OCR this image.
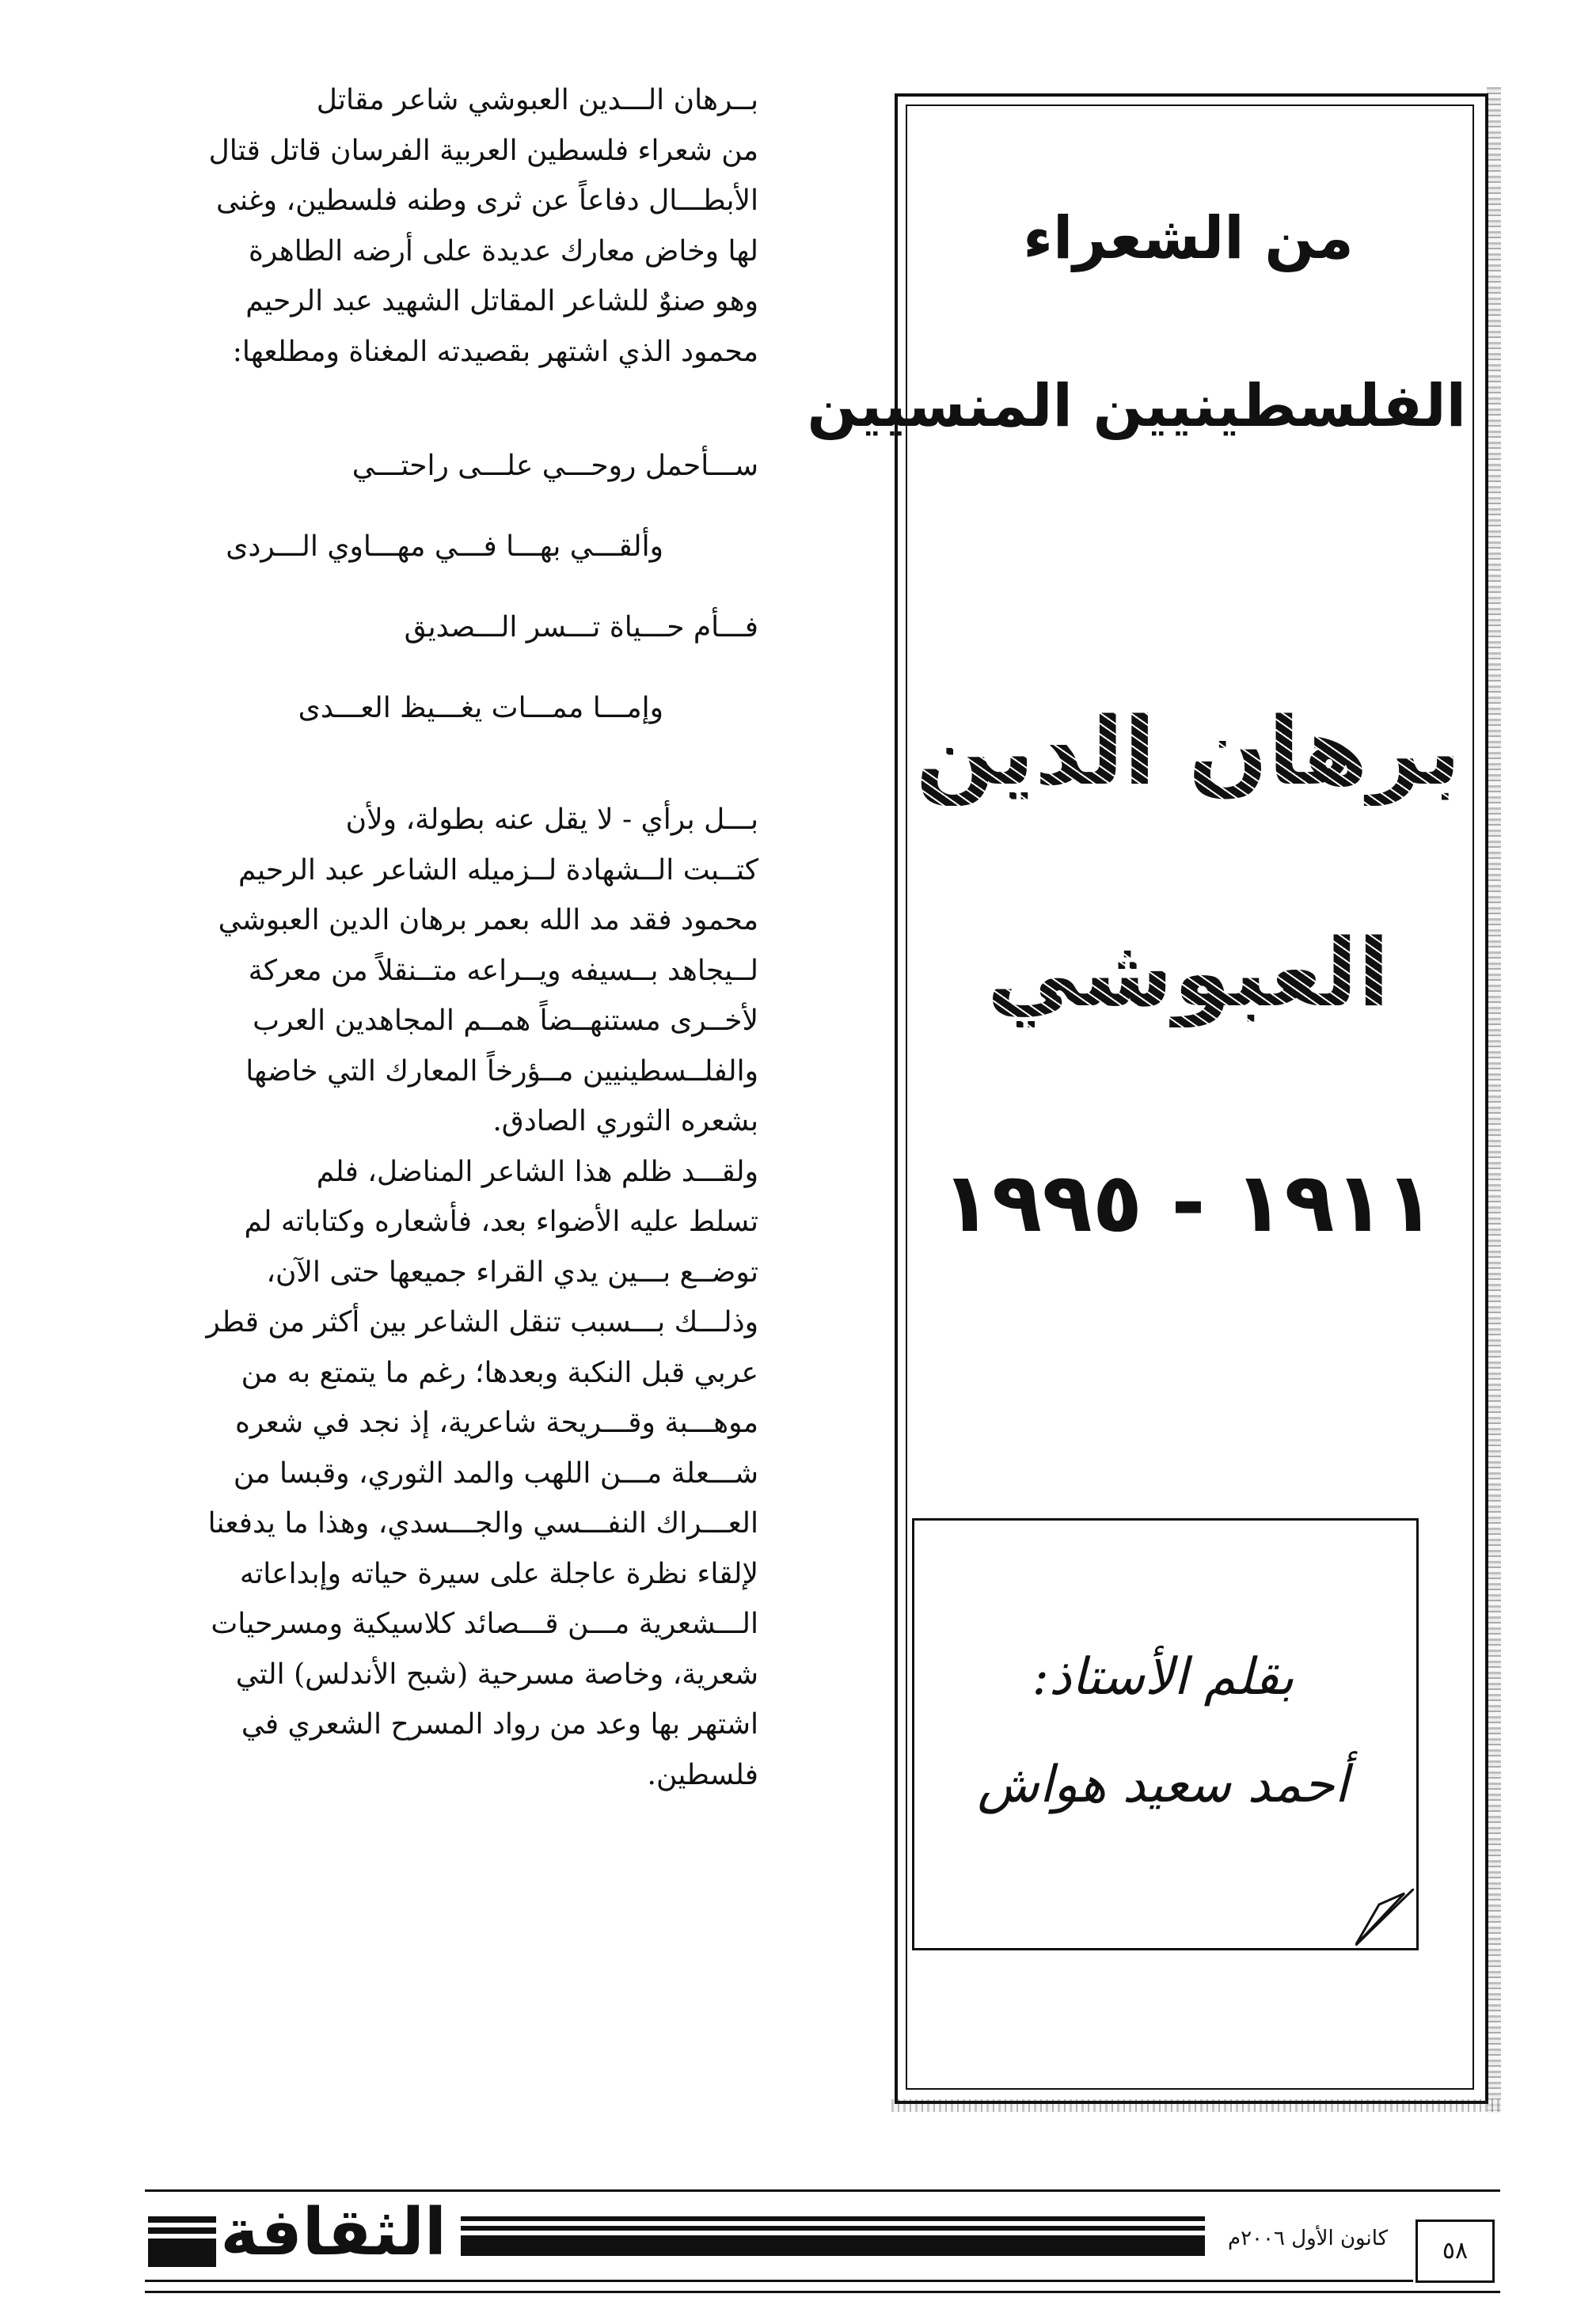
بــرهان الـــدين العبوشي شاعر مقاتل
من شعراء فلسطين العربية الفرسان قاتل قتال
الأبطـــال دفاعاً عن ثرى وطنه فلسطين، وغنى
لها وخاض معارك عديدة على أرضه الطاهرة
وهو صنوٌ للشاعر المقاتل الشهيد عبد الرحيم
محمود الذي اشتهر بقصيدته المغناة ومطلعها:

ســـأحمل روحـــي علـــى راحتـــي
وألقـــي بهـــا فـــي مهـــاوي الـــردى
فـــأم حـــياة تـــسر الـــصديق
وإمـــا ممـــات يغـــيظ العـــدى

بـــل برأي - لا يقل عنه بطولة، ولأن
كتــبت الــشهادة لــزميله الشاعر عبد الرحيم
محمود فقد مد الله بعمر برهان الدين العبوشي
لــيجاهد بــسيفه ويــراعه متــنقلاً من معركة
لأخــرى مستنهــضاً همــم المجاهدين العرب
والفلــسطينيين مــؤرخاً المعارك التي خاضها
بشعره الثوري الصادق.

ولقـــد ظلم هذا الشاعر المناضل، فلم
تسلط عليه الأضواء بعد، فأشعاره وكتاباته لم
توضــع بـــين يدي القراء جميعها حتى الآن،
وذلـــك بـــسبب تنقل الشاعر بين أكثر من قطر
عربي قبل النكبة وبعدها؛ رغم ما يتمتع به من
موهـــبة وقـــريحة شاعرية، إذ نجد في شعره
شـــعلة مـــن اللهب والمد الثوري، وقبسا من
العـــراك النفـــسي والجـــسدي، وهذا ما يدفعنا
لإلقاء نظرة عاجلة على سيرة حياته وإبداعاته
الـــشعرية مـــن قـــصائد كلاسيكية ومسرحيات
شعرية، وخاصة مسرحية (شبح الأندلس) التي
اشتهر بها وعد من رواد المسرح الشعري في
فلسطين.

من الشعراء
الفلسطينيين المنسيين
برهان الدين
العبوشي
١٩١١ - ١٩٩٥
بقلم الأستاذ:
أحمد سعيد هواش
الثقافة	كانون الأول ٢٠٠٦م	٥٨
